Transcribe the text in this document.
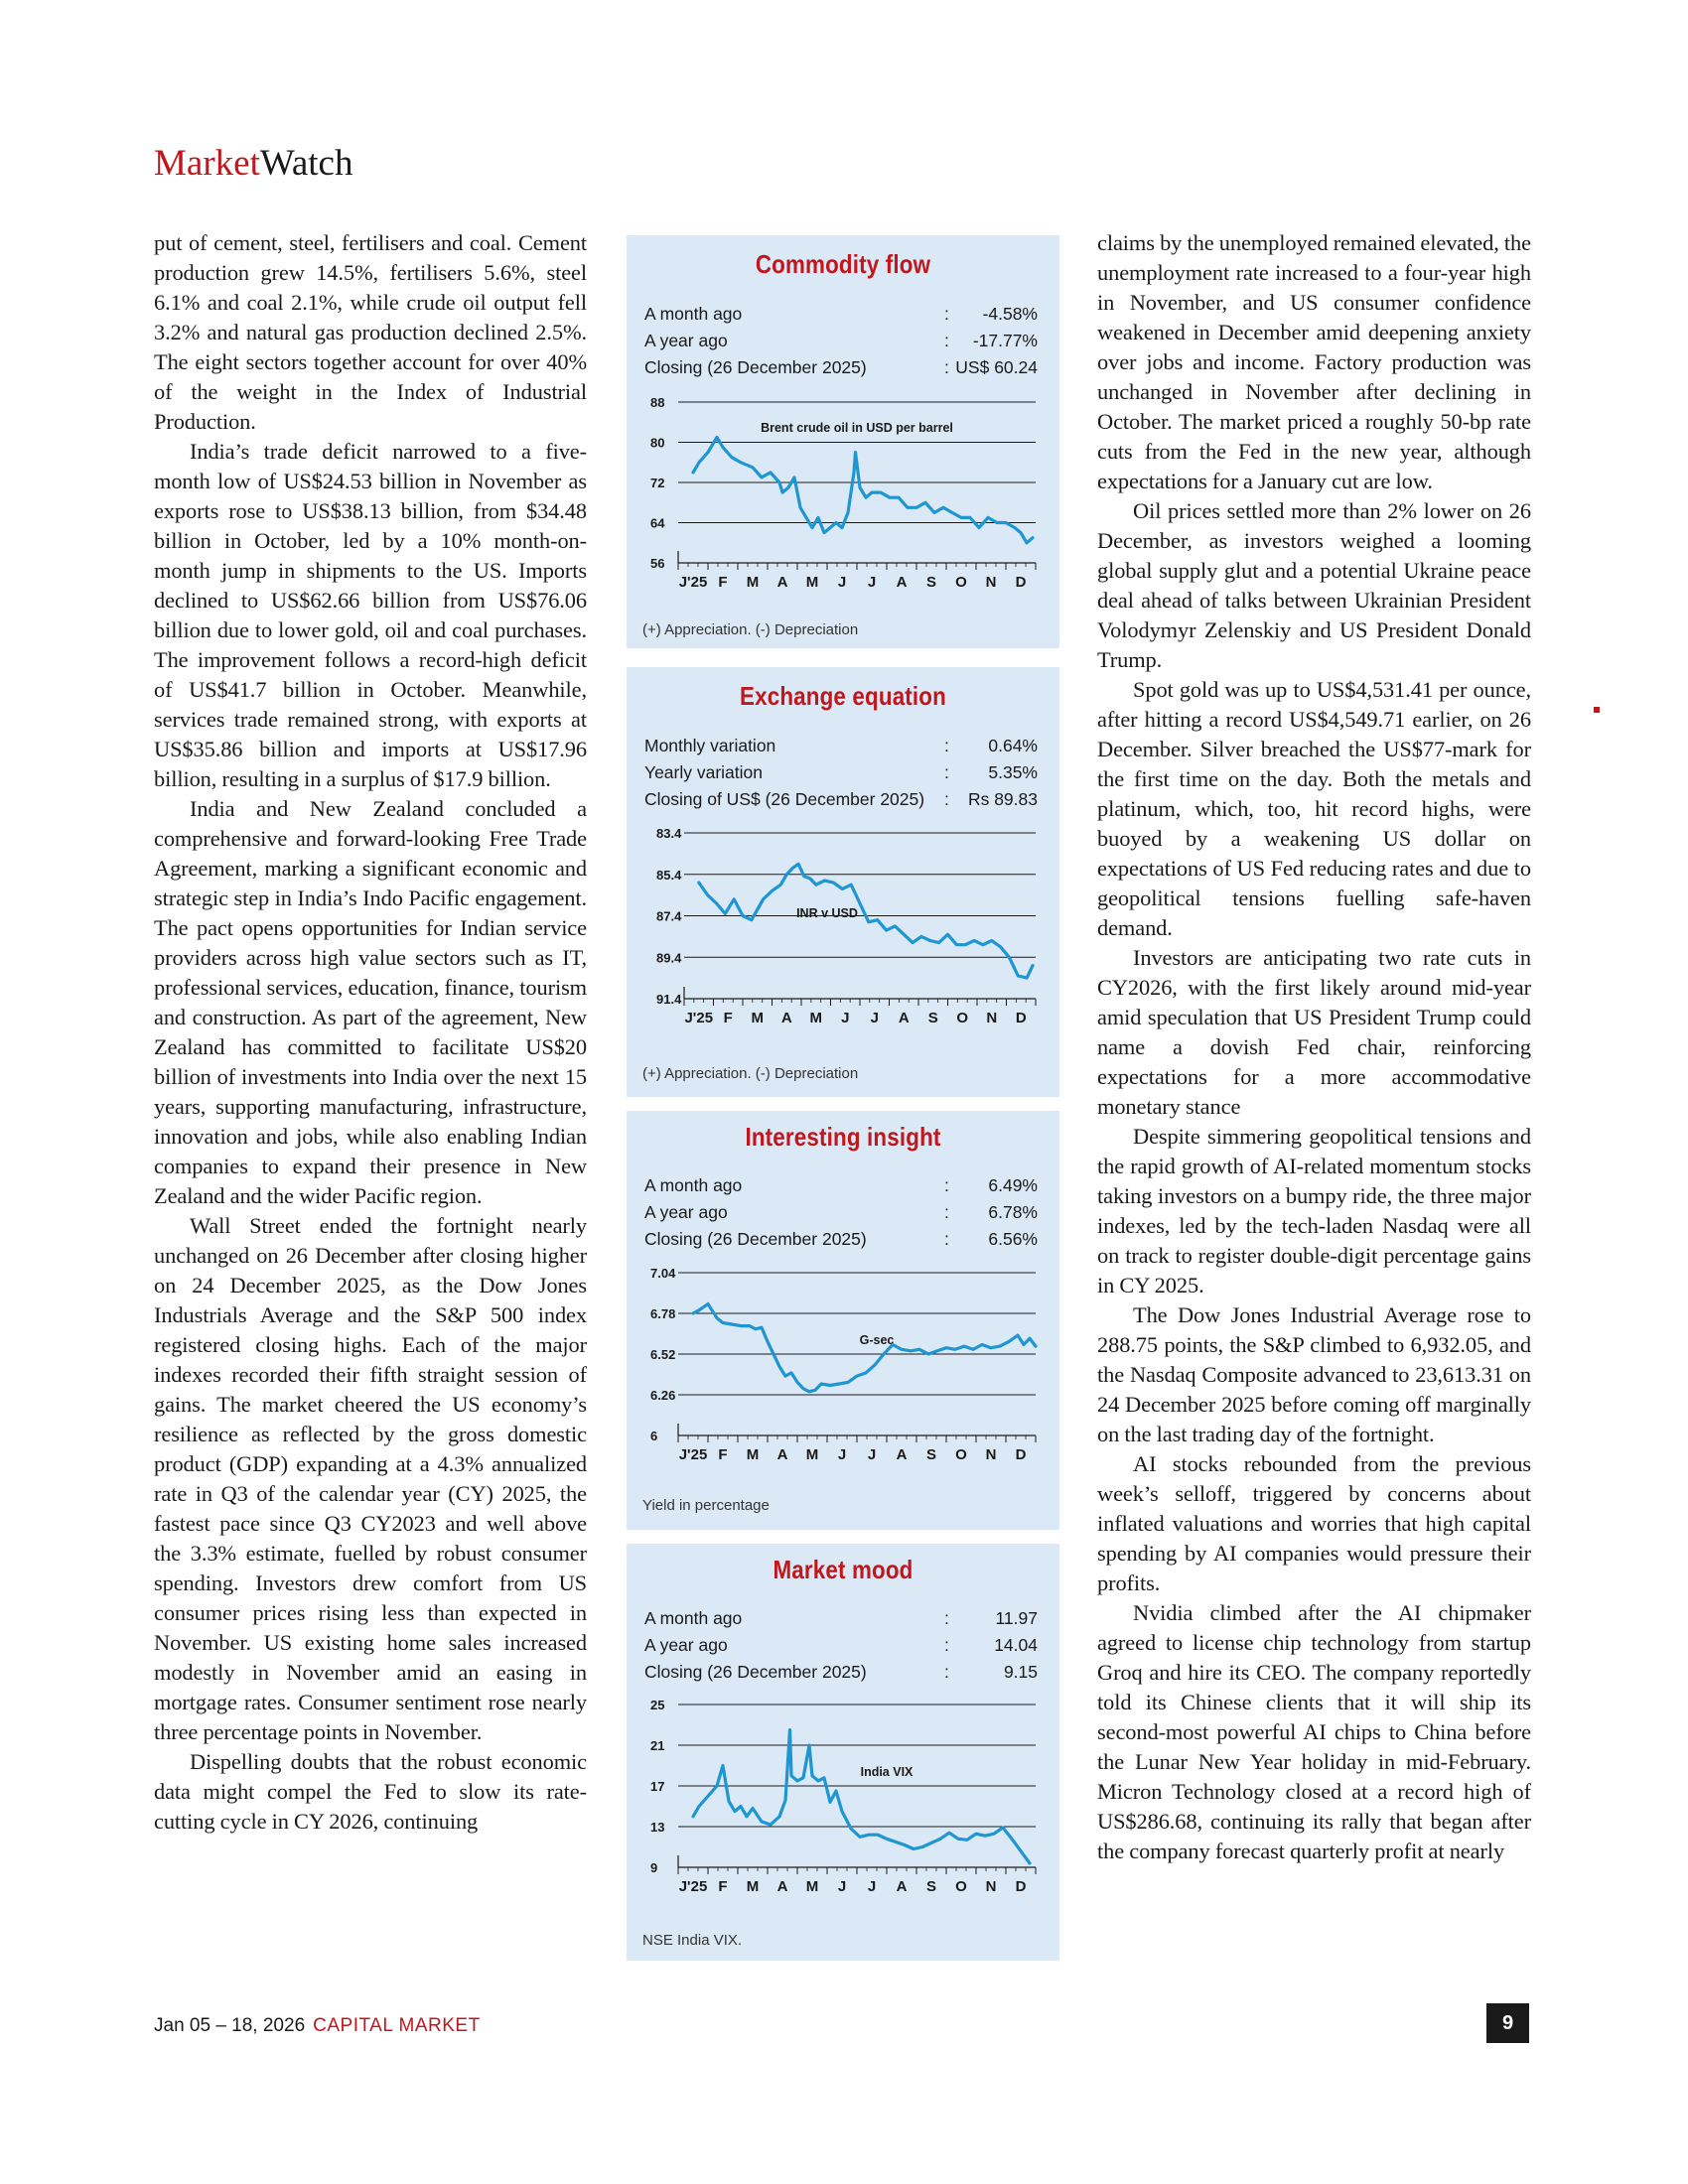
MarketWatch

put of cement, steel, fertilisers and coal. Cement production grew 14.5%, fertilisers 5.6%, steel 6.1% and coal 2.1%, while crude oil output fell 3.2% and natural gas production declined 2.5%. The eight sectors together account for over 40% of the weight in the Index of Industrial Production.

India’s trade deficit narrowed to a five-month low of US$24.53 billion in November as exports rose to US$38.13 billion, from $34.48 billion in October, led by a 10% month-on-month jump in shipments to the US. Imports declined to US$62.66 billion from US$76.06 billion due to lower gold, oil and coal purchases. The improvement follows a record-high deficit of US$41.7 billion in October. Meanwhile, services trade remained strong, with exports at US$35.86 billion and imports at US$17.96 billion, resulting in a surplus of $17.9 billion.

India and New Zealand concluded a comprehensive and forward-looking Free Trade Agreement, marking a significant economic and strategic step in India’s Indo Pacific engagement. The pact opens opportunities for Indian service providers across high value sectors such as IT, professional services, education, finance, tourism and construction. As part of the agreement, New Zealand has committed to facilitate US$20 billion of investments into India over the next 15 years, supporting manufacturing, infrastructure, innovation and jobs, while also enabling Indian companies to expand their presence in New Zealand and the wider Pacific region.

Wall Street ended the fortnight nearly unchanged on 26 December after closing higher on 24 December 2025, as the Dow Jones Industrials Average and the S&P 500 index registered closing highs. Each of the major indexes recorded their fifth straight session of gains. The market cheered the US economy’s resilience as reflected by the gross domestic product (GDP) expanding at a 4.3% annualized rate in Q3 of the calendar year (CY) 2025, the fastest pace since Q3 CY2023 and well above the 3.3% estimate, fuelled by robust consumer spending. Investors drew comfort from US consumer prices rising less than expected in November. US existing home sales increased modestly in November amid an easing in mortgage rates. Consumer sentiment rose nearly three percentage points in November.

Dispelling doubts that the robust economic data might compel the Fed to slow its rate-cutting cycle in CY 2026, continuing

claims by the unemployed remained elevated, the unemployment rate increased to a four-year high in November, and US consumer confidence weakened in December amid deepening anxiety over jobs and income. Factory production was unchanged in November after declining in October. The market priced a roughly 50-bp rate cuts from the Fed in the new year, although expectations for a January cut are low.

Oil prices settled more than 2% lower on 26 December, as investors weighed a looming global supply glut and a potential Ukraine peace deal ahead of talks between Ukrainian President Volodymyr Zelenskiy and US President Donald Trump.

Spot gold was up to US$4,531.41 per ounce, after hitting a record US$4,549.71 earlier, on 26 December. Silver breached the US$77-mark for the first time on the day. Both the metals and platinum, which, too, hit record highs, were buoyed by a weakening US dollar on expectations of US Fed reducing rates and due to geopolitical tensions fuelling safe-haven demand.

Investors are anticipating two rate cuts in CY2026, with the first likely around mid-year amid speculation that US President Trump could name a dovish Fed chair, reinforcing expectations for a more accommodative monetary stance

Despite simmering geopolitical tensions and the rapid growth of AI-related momentum stocks taking investors on a bumpy ride, the three major indexes, led by the tech-laden Nasdaq were all on track to register double-digit percentage gains in CY 2025.

The Dow Jones Industrial Average rose to 288.75 points, the S&P climbed to 6,932.05, and the Nasdaq Composite advanced to 23,613.31 on 24 December 2025 before coming off marginally on the last trading day of the fortnight.

AI stocks rebounded from the previous week’s selloff, triggered by concerns about inflated valuations and worries that high capital spending by AI companies would pressure their profits.

Nvidia climbed after the AI chipmaker agreed to license chip technology from startup Groq and hire its CEO. The company reportedly told its Chinese clients that it will ship its second-most powerful AI chips to China before the Lunar New Year holiday in mid-February. Micron Technology closed at a record high of US$286.68, continuing its rally that began after the company forecast quarterly profit at nearly

Commodity flow
A month ago	: -4.58%
A year ago	: -17.77%
Closing (26 December 2025)	: US$ 60.24
56
64
72
80
88
J'25 F M A M J J A S O N D
Brent crude oil in USD per barrel
(+) Appreciation. (-) Depreciation
Exchange equation
Monthly variation	: 0.64%
Yearly variation	: 5.35%
Closing of US$ (26 December 2025) : Rs 89.83
83.4
85.4
87.4
89.4
91.4
J'25 F M A M J J A S O N D
INR v USD
(+) Appreciation. (-) Depreciation
Interesting insight
A month ago	: 6.49%
A year ago	: 6.78%
Closing (26 December 2025)	: 6.56%
6
6.26
6.52
6.78
7.04
J'25 F M A M J J A S O N D
G-sec
Yield in percentage
Market mood
A month ago	:	11.97
A year ago	:	14.04
Closing (26 December 2025)	:	9.15
9
13
17
21
25
J'25 F M A M J J A S O N D
India VIX
NSE India VIX.
Jan 05 – 18, 2026 CAPITAL MARKET	9
